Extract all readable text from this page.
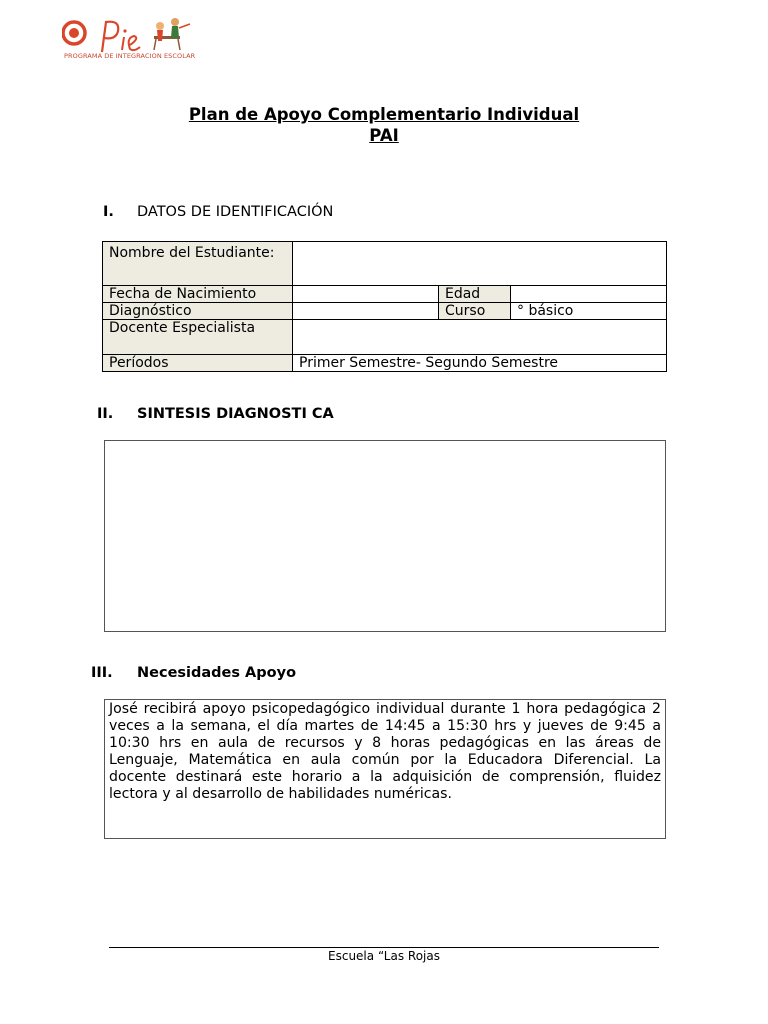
PROGRAMA DE INTEGRACION ESCOLAR
Plan de Apoyo Complementario Individual
PAI
I. DATOS DE IDENTIFICACIÓN
Nombre del Estudiante:			
Fecha de Nacimiento		Edad	
Diagnóstico		Curso	° básico
Docente Especialista			
Períodos	Primer Semestre- Segundo Semestre		
II. SINTESIS DIAGNOSTI CA
III. Necesidades Apoyo
José recibirá apoyo psicopedagógico individual durante 1 hora pedagógica 2 veces a la semana, el día martes de 14:45 a 15:30 hrs y jueves de 9:45 a 10:30 hrs en aula de recursos y 8 horas pedagógicas en las áreas de Lenguaje, Matemática en aula común por la Educadora Diferencial. La docente destinará este horario a la adquisición de comprensión, fluidez lectora y al desarrollo de habilidades numéricas.
Escuela “Las Rojas
